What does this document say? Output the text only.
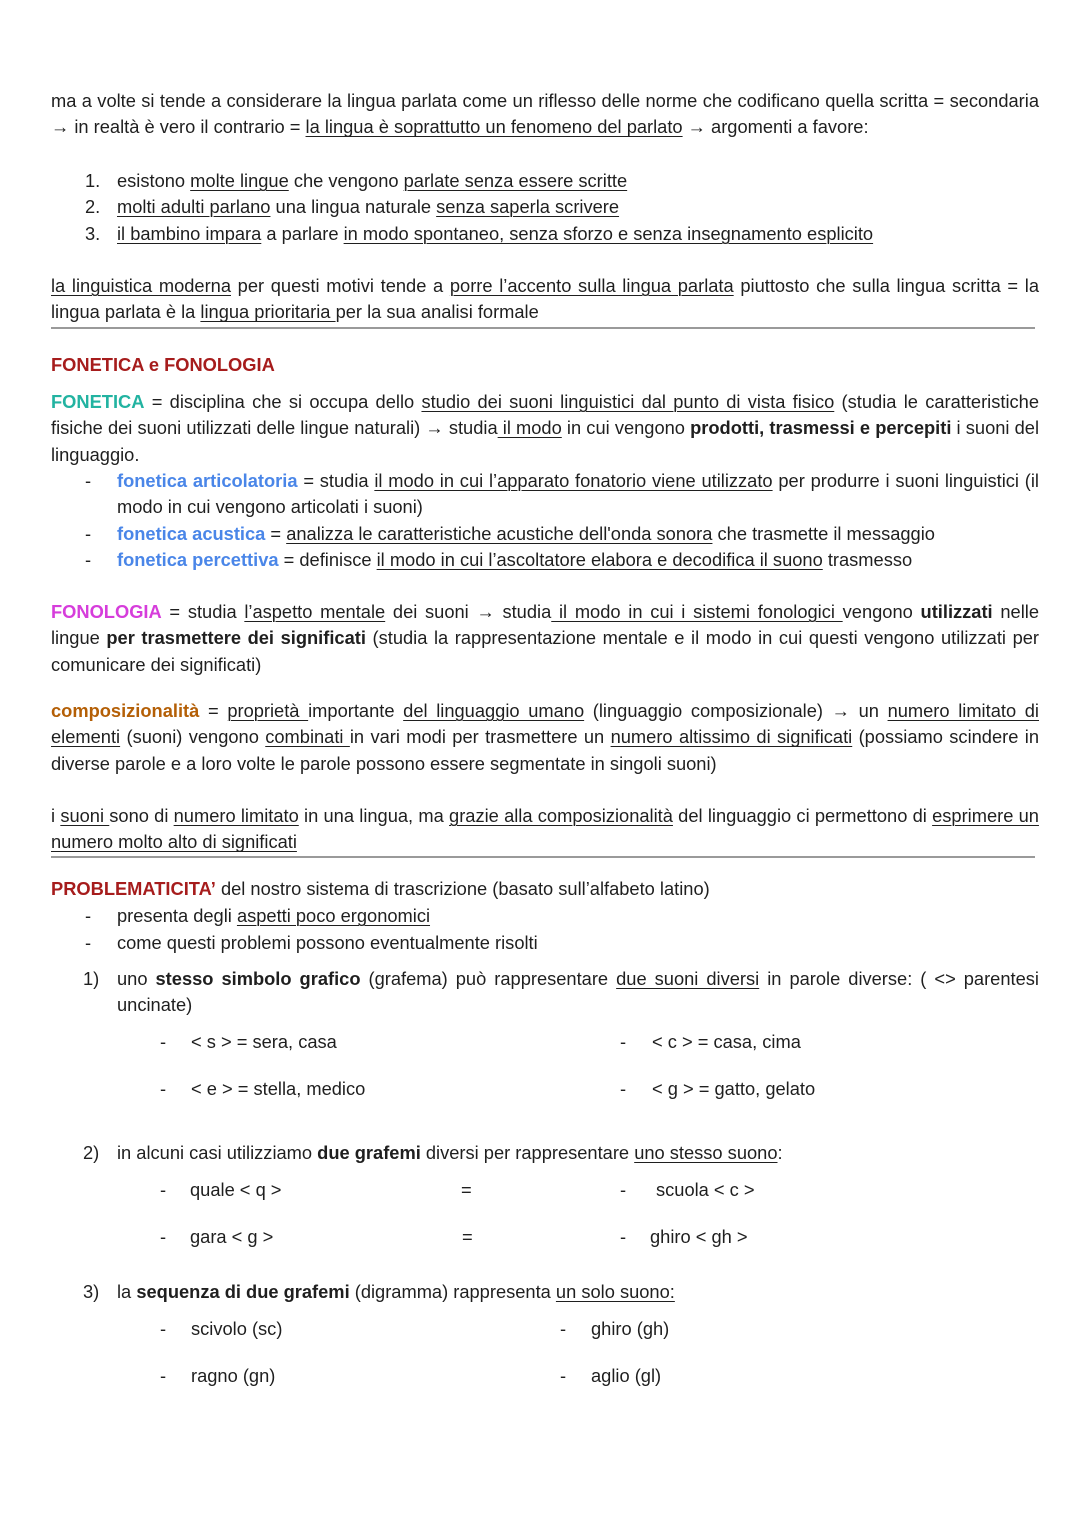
ma a volte si tende a considerare la lingua parlata come un riflesso delle norme che codificano quella scritta = secondaria → in realtà è vero il contrario = la lingua è soprattutto un fenomeno del parlato → argomenti a favore:
1. esistono molte lingue che vengono parlate senza essere scritte
2. molti adulti parlano una lingua naturale senza saperla scrivere
3. il bambino impara a parlare in modo spontaneo, senza sforzo e senza insegnamento esplicito
la linguistica moderna per questi motivi tende a porre l’accento sulla lingua parlata piuttosto che sulla lingua scritta = la lingua parlata è la lingua prioritaria per la sua analisi formale
FONETICA e FONOLOGIA
FONETICA = disciplina che si occupa dello studio dei suoni linguistici dal punto di vista fisico (studia le caratteristiche fisiche dei suoni utilizzati delle lingue naturali) → studia il modo in cui vengono prodotti, trasmessi e percepiti i suoni del linguaggio.
- fonetica articolatoria = studia il modo in cui l’apparato fonatorio viene utilizzato per produrre i suoni linguistici (il modo in cui vengono articolati i suoni)
- fonetica acustica = analizza le caratteristiche acustiche dell'onda sonora che trasmette il messaggio
- fonetica percettiva = definisce il modo in cui l’ascoltatore elabora e decodifica il suono trasmesso
FONOLOGIA = studia l’aspetto mentale dei suoni → studia il modo in cui i sistemi fonologici vengono utilizzati nelle lingue per trasmettere dei significati (studia la rappresentazione mentale e il modo in cui questi vengono utilizzati per comunicare dei significati)
composizionalità = proprietà importante del linguaggio umano (linguaggio composizionale) → un numero limitato di elementi (suoni) vengono combinati in vari modi per trasmettere un numero altissimo di significati (possiamo scindere in diverse parole e a loro volte le parole possono essere segmentate in singoli suoni)
i suoni sono di numero limitato in una lingua, ma grazie alla composizionalità del linguaggio ci permettono di esprimere un numero molto alto di significati
PROBLEMATICITA’ del nostro sistema di trascrizione (basato sull’alfabeto latino)
- presenta degli aspetti poco ergonomici
- come questi problemi possono eventualmente risolti
1) uno stesso simbolo grafico (grafema) può rappresentare due suoni diversi in parole diverse: ( <> parentesi uncinate)
- < s > = sera, casa	- < c > = casa, cima
- < e > = stella, medico	- < g > = gatto, gelato
2) in alcuni casi utilizziamo due grafemi diversi per rappresentare uno stesso suono:
- quale < q >	=	- scuola < c >
- gara < g >	=	- ghiro < gh >
3) la sequenza di due grafemi (digramma) rappresenta un solo suono:
- scivolo (sc)	- ghiro (gh)
- ragno (gn)	- aglio (gl)
